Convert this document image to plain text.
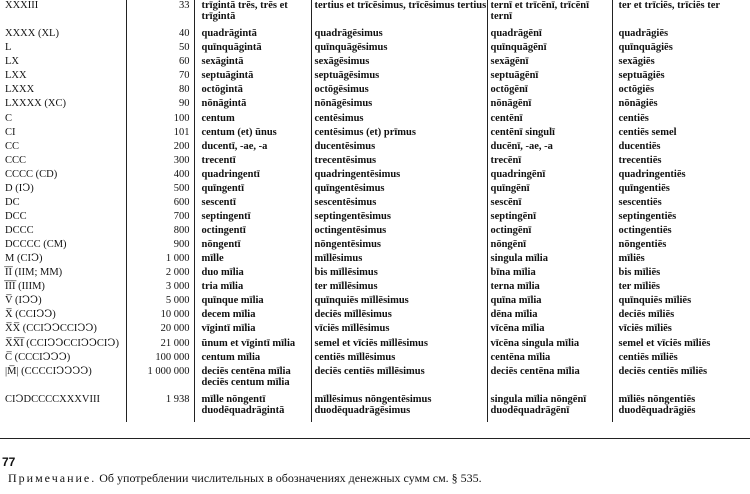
XXXIII	33	trīgintā trēs, trēs et trīgintā	tertius et trīcēsimus, trīcēsimus tertius	ternī et trīcēnī, trīcēnī ternī	ter et trīciēs, trīciēs ter
XXXX (XL)	40	quadrāgintā	quadrāgēsimus	quadrāgēnī	quadrāgiēs
L	50	quīnquāgintā	quīnquāgēsimus	quīnquāgēnī	quīnquāgiēs
LX	60	sexāgintā	sexāgēsimus	sexāgēnī	sexāgiēs
LXX	70	septuāgintā	septuāgēsimus	septuāgēnī	septuāgiēs
LXXX	80	octōgintā	octōgēsimus	octōgēnī	octōgiēs
LXXXX (XC)	90	nōnāgintā	nōnāgēsimus	nōnāgēnī	nōnāgiēs
C	100	centum	centēsimus	centēnī	centiēs
CI	101	centum (et) ūnus	centēsimus (et) prīmus	centēnī singulī	centiēs semel
CC	200	ducentī, -ae, -a	ducentēsimus	ducēnī, -ae, -a	ducentiēs
CCC	300	trecentī	trecentēsimus	trecēnī	trecentiēs
CCCC (CD)	400	quadringentī	quadringentēsimus	quadringēnī	quadringentiēs
D (IↃ)	500	quīngentī	quīngentēsimus	quīngēnī	quīngentiēs
DC	600	sescentī	sescentēsimus	sescēnī	sescentiēs
DCC	700	septingentī	septingentēsimus	septingēnī	septingentiēs
DCCC	800	octingentī	octingentēsimus	octingēnī	octingentiēs
DCCCC (CM)	900	nōngentī	nōngentēsimus	nōngēnī	nōngentiēs
M (CIↃ)	1 000	mīlle	mīllēsimus	singula mīlia	mīliēs
I̅I̅ (IIM; MM)	2 000	duo mīlia	bis mīllēsimus	bīna mīlia	bis mīliēs
I̅I̅I̅ (IIIM)	3 000	tria mīlia	ter mīllēsimus	terna mīlia	ter mīliēs
V̅ (IↃↃ)	5 000	quīnque mīlia	quīnquiēs mīllēsimus	quīna mīlia	quīnquiēs mīliēs
X̅ (CCIↃↃ)	10 000	decem mīlia	deciēs mīllēsimus	dēna mīlia	deciēs mīliēs
X̅X̅ (CCIↃↃCCIↃↃ)	20 000	vīgintī mīlia	vīciēs mīllēsimus	vīcēna mīlia	vīciēs mīliēs
X̅X̅I̅ (CCIↃↃCCIↃↃCIↃ)	21 000	ūnum et vīgintī mīlia	semel et vīciēs mīllēsimus	vīcēna singula mīlia	semel et vīciēs mīliēs
C̅ (CCCIↃↃↃ)	100 000	centum mīlia	centiēs mīllēsimus	centēna mīlia	centiēs mīliēs
|M̅| (CCCCIↃↃↃↃ)	1 000 000	deciēs centēna mīlia deciēs centum mīlia	deciēs centiēs mīllēsimus	deciēs centēna mīlia	deciēs centiēs mīliēs
CIↃDCCCCXXXVIII	1 938	mīlle nōngentī duodēquadrāgintā	mīllēsimus nōngentēsimus duodēquadrāgēsimus	singula mīlia nōngēnī duodēquadrāgēnī	mīliēs nōngentiēs duodēquadrāgiēs
77
Примечание. Об употреблении числительных в обозначениях денежных сумм см. § 535.
